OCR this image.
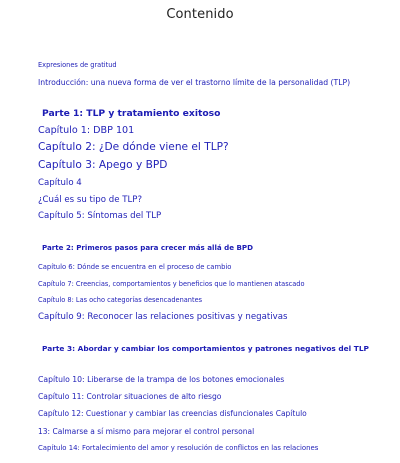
Contenido
Expresiones de gratitud
Introducción: una nueva forma de ver el trastorno límite de la personalidad (TLP)
Parte 1: TLP y tratamiento exitoso
Capítulo 1: DBP 101
Capítulo 2: ¿De dónde viene el TLP?
Capítulo 3: Apego y BPD
Capítulo 4
¿Cuál es su tipo de TLP?
Capítulo 5: Síntomas del TLP
Parte 2: Primeros pasos para crecer más allá de BPD
Capítulo 6: Dónde se encuentra en el proceso de cambio
Capítulo 7: Creencias, comportamientos y beneficios que lo mantienen atascado
Capítulo 8: Las ocho categorías desencadenantes
Capítulo 9: Reconocer las relaciones positivas y negativas
Parte 3: Abordar y cambiar los comportamientos y patrones negativos del TLP
Capítulo 10: Liberarse de la trampa de los botones emocionales
Capítulo 11: Controlar situaciones de alto riesgo
Capítulo 12: Cuestionar y cambiar las creencias disfuncionales Capítulo
13: Calmarse a sí mismo para mejorar el control personal
Capítulo 14: Fortalecimiento del amor y resolución de conflictos en las relaciones
